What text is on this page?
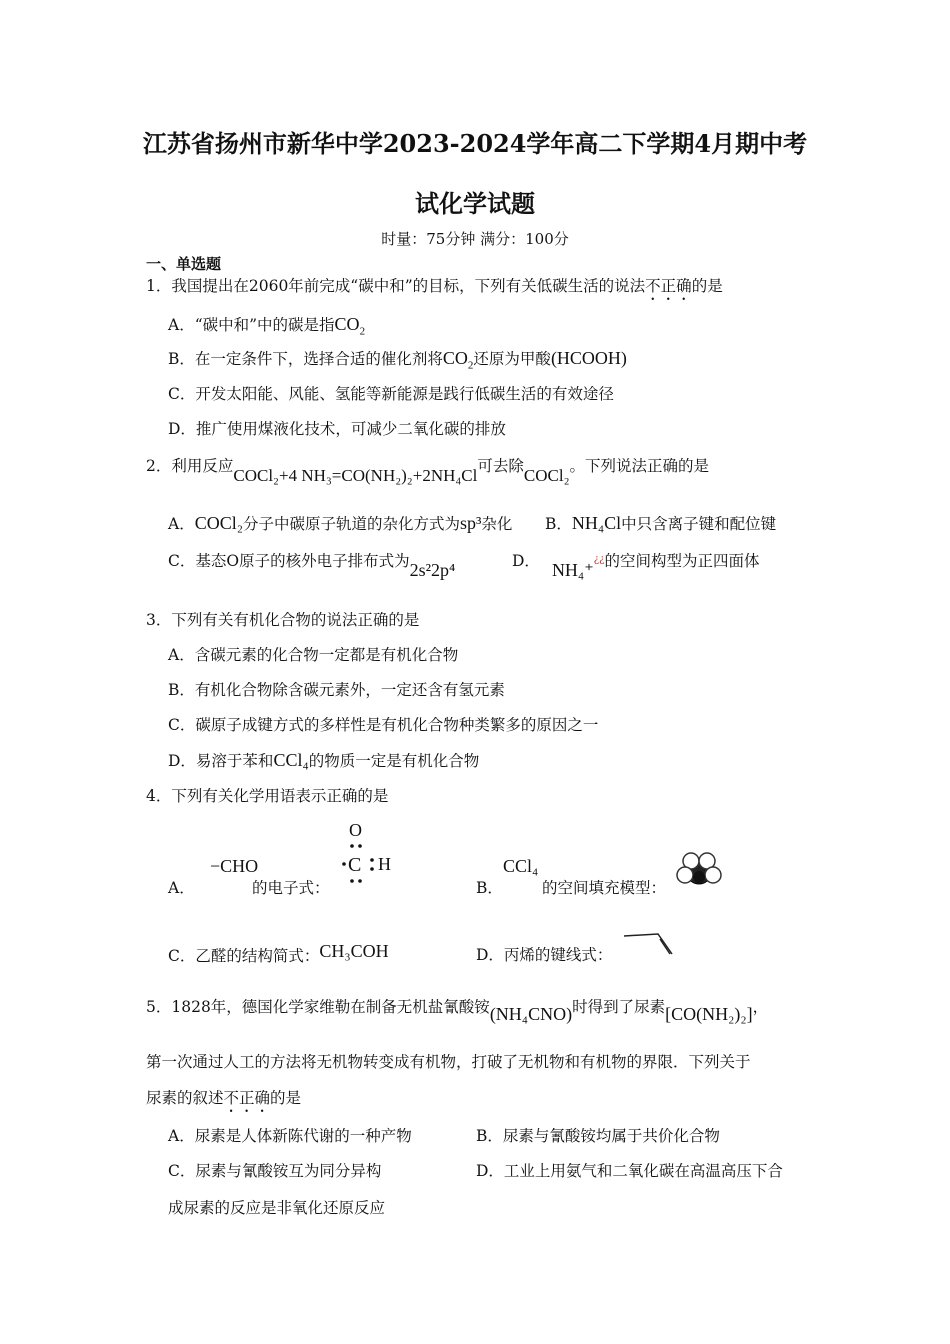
江苏省扬州市新华中学2023-2024学年高二下学期4月期中考
试化学试题
时量：75分钟 满分：100分
一、单选题
1．我国提出在2060年前完成“碳中和”的目标，下列有关低碳生活的说法不正确的是
A．“碳中和”中的碳是指$CO_2$
B．在一定条件下，选择合适的催化剂将$CO_2$还原为甲酸(HCOOH)
C．开发太阳能、风能、氢能等新能源是践行低碳生活的有效途径
D．推广使用煤液化技术，可减少二氧化碳的排放
2．利用反应COCl₂+4 NH₃=CO(NH₂)₂+2NH₄Cl可去除COCl₂。下列说法正确的是
A．COCl₂分子中碳原子轨道的杂化方式为sp³杂化 B．NH₄Cl中只含离子键和配位键
C．基态O原子的核外电子排布式为2s²2p⁴	D． NH₄⁺¿¿的空间构型为正四面体
3．下列有关有机化合物的说法正确的是
A．含碳元素的化合物一定都是有机化合物
B．有机化合物除含碳元素外，一定还含有氢元素
C．碳原子成键方式的多样性是有机化合物种类繁多的原因之一
D．易溶于苯和CCl₄的物质一定是有机化合物
4．下列有关化学用语表示正确的是
A．
−CHO
的电子式：
O
C H
B．
CCl₄
的空间填充模型：
C．乙醛的结构简式：CH₃COH	D．丙烯的键线式：
5．1828年，德国化学家维勒在制备无机盐氰酸铵(NH₄CNO)时得到了尿素[CO(NH₂)₂]，
第一次通过人工的方法将无机物转变成有机物，打破了无机物和有机物的界限．下列关于
尿素的叙述不正确的是
A．尿素是人体新陈代谢的一种产物	B．尿素与氰酸铵均属于共价化合物
C．尿素与氰酸铵互为同分异构	D．工业上用氨气和二氧化碳在高温高压下合
成尿素的反应是非氧化还原反应
